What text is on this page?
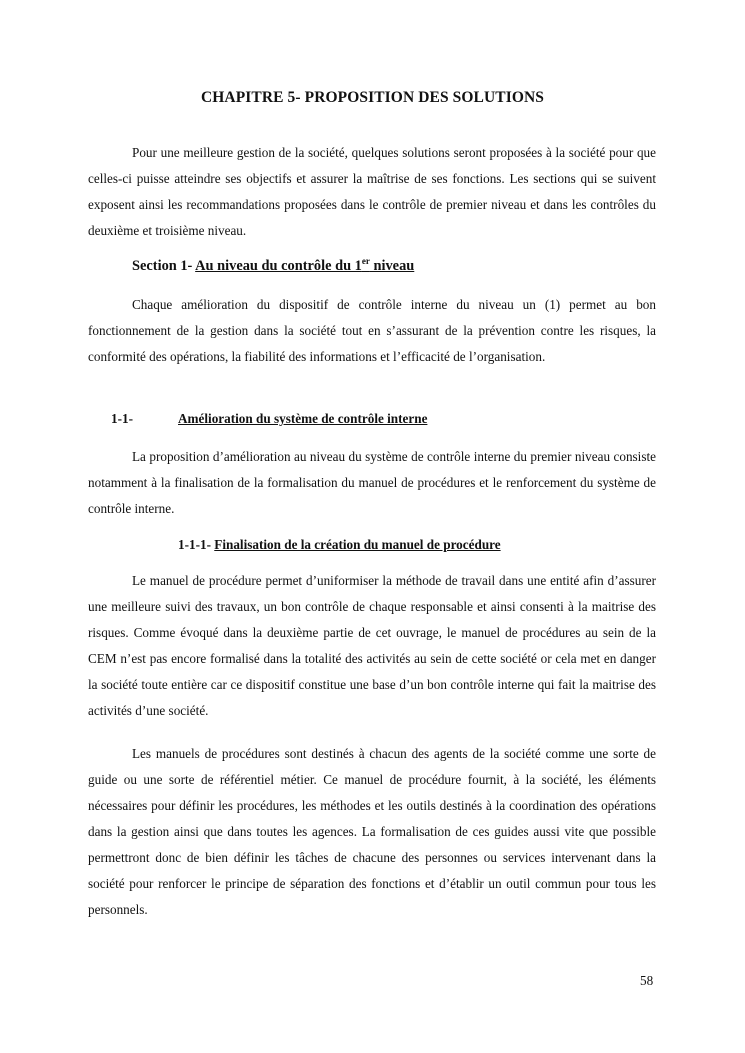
CHAPITRE 5- PROPOSITION DES SOLUTIONS

Pour une meilleure gestion de la société, quelques solutions seront proposées à la société pour que celles-ci puisse atteindre ses objectifs et assurer la maîtrise de ses fonctions. Les sections qui se suivent exposent ainsi les recommandations proposées dans le contrôle de premier niveau et dans les contrôles du deuxième et troisième niveau.

Section 1- Au niveau du contrôle du 1er niveau

Chaque amélioration du dispositif de contrôle interne du niveau un (1) permet au bon fonctionnement de la gestion dans la société tout en s’assurant de la prévention contre les risques, la conformité des opérations, la fiabilité des informations et l’efficacité de l’organisation.

1-1-	Amélioration du système de contrôle interne

La proposition d’amélioration au niveau du système de contrôle interne du premier niveau consiste notamment à la finalisation de la formalisation du manuel de procédures et le renforcement du système de contrôle interne.

1-1-1- Finalisation de la création du manuel de procédure

Le manuel de procédure permet d’uniformiser la méthode de travail dans une entité afin d’assurer une meilleure suivi des travaux, un bon contrôle de chaque responsable et ainsi consenti à la maitrise des risques. Comme évoqué dans la deuxième partie de cet ouvrage, le manuel de procédures au sein de la CEM n’est pas encore formalisé dans la totalité des activités au sein de cette société or cela met en danger la société toute entière car ce dispositif constitue une base d’un bon contrôle interne qui fait la maitrise des activités d’une société.

Les manuels de procédures sont destinés à chacun des agents de la société comme une sorte de guide ou une sorte de référentiel métier. Ce manuel de procédure fournit, à la société, les éléments nécessaires pour définir les procédures, les méthodes et les outils destinés à la coordination des opérations dans la gestion ainsi que dans toutes les agences. La formalisation de ces guides aussi vite que possible permettront donc de bien définir les tâches de chacune des personnes ou services intervenant dans la société pour renforcer le principe de séparation des fonctions et d’établir un outil commun pour tous les personnels.

58
